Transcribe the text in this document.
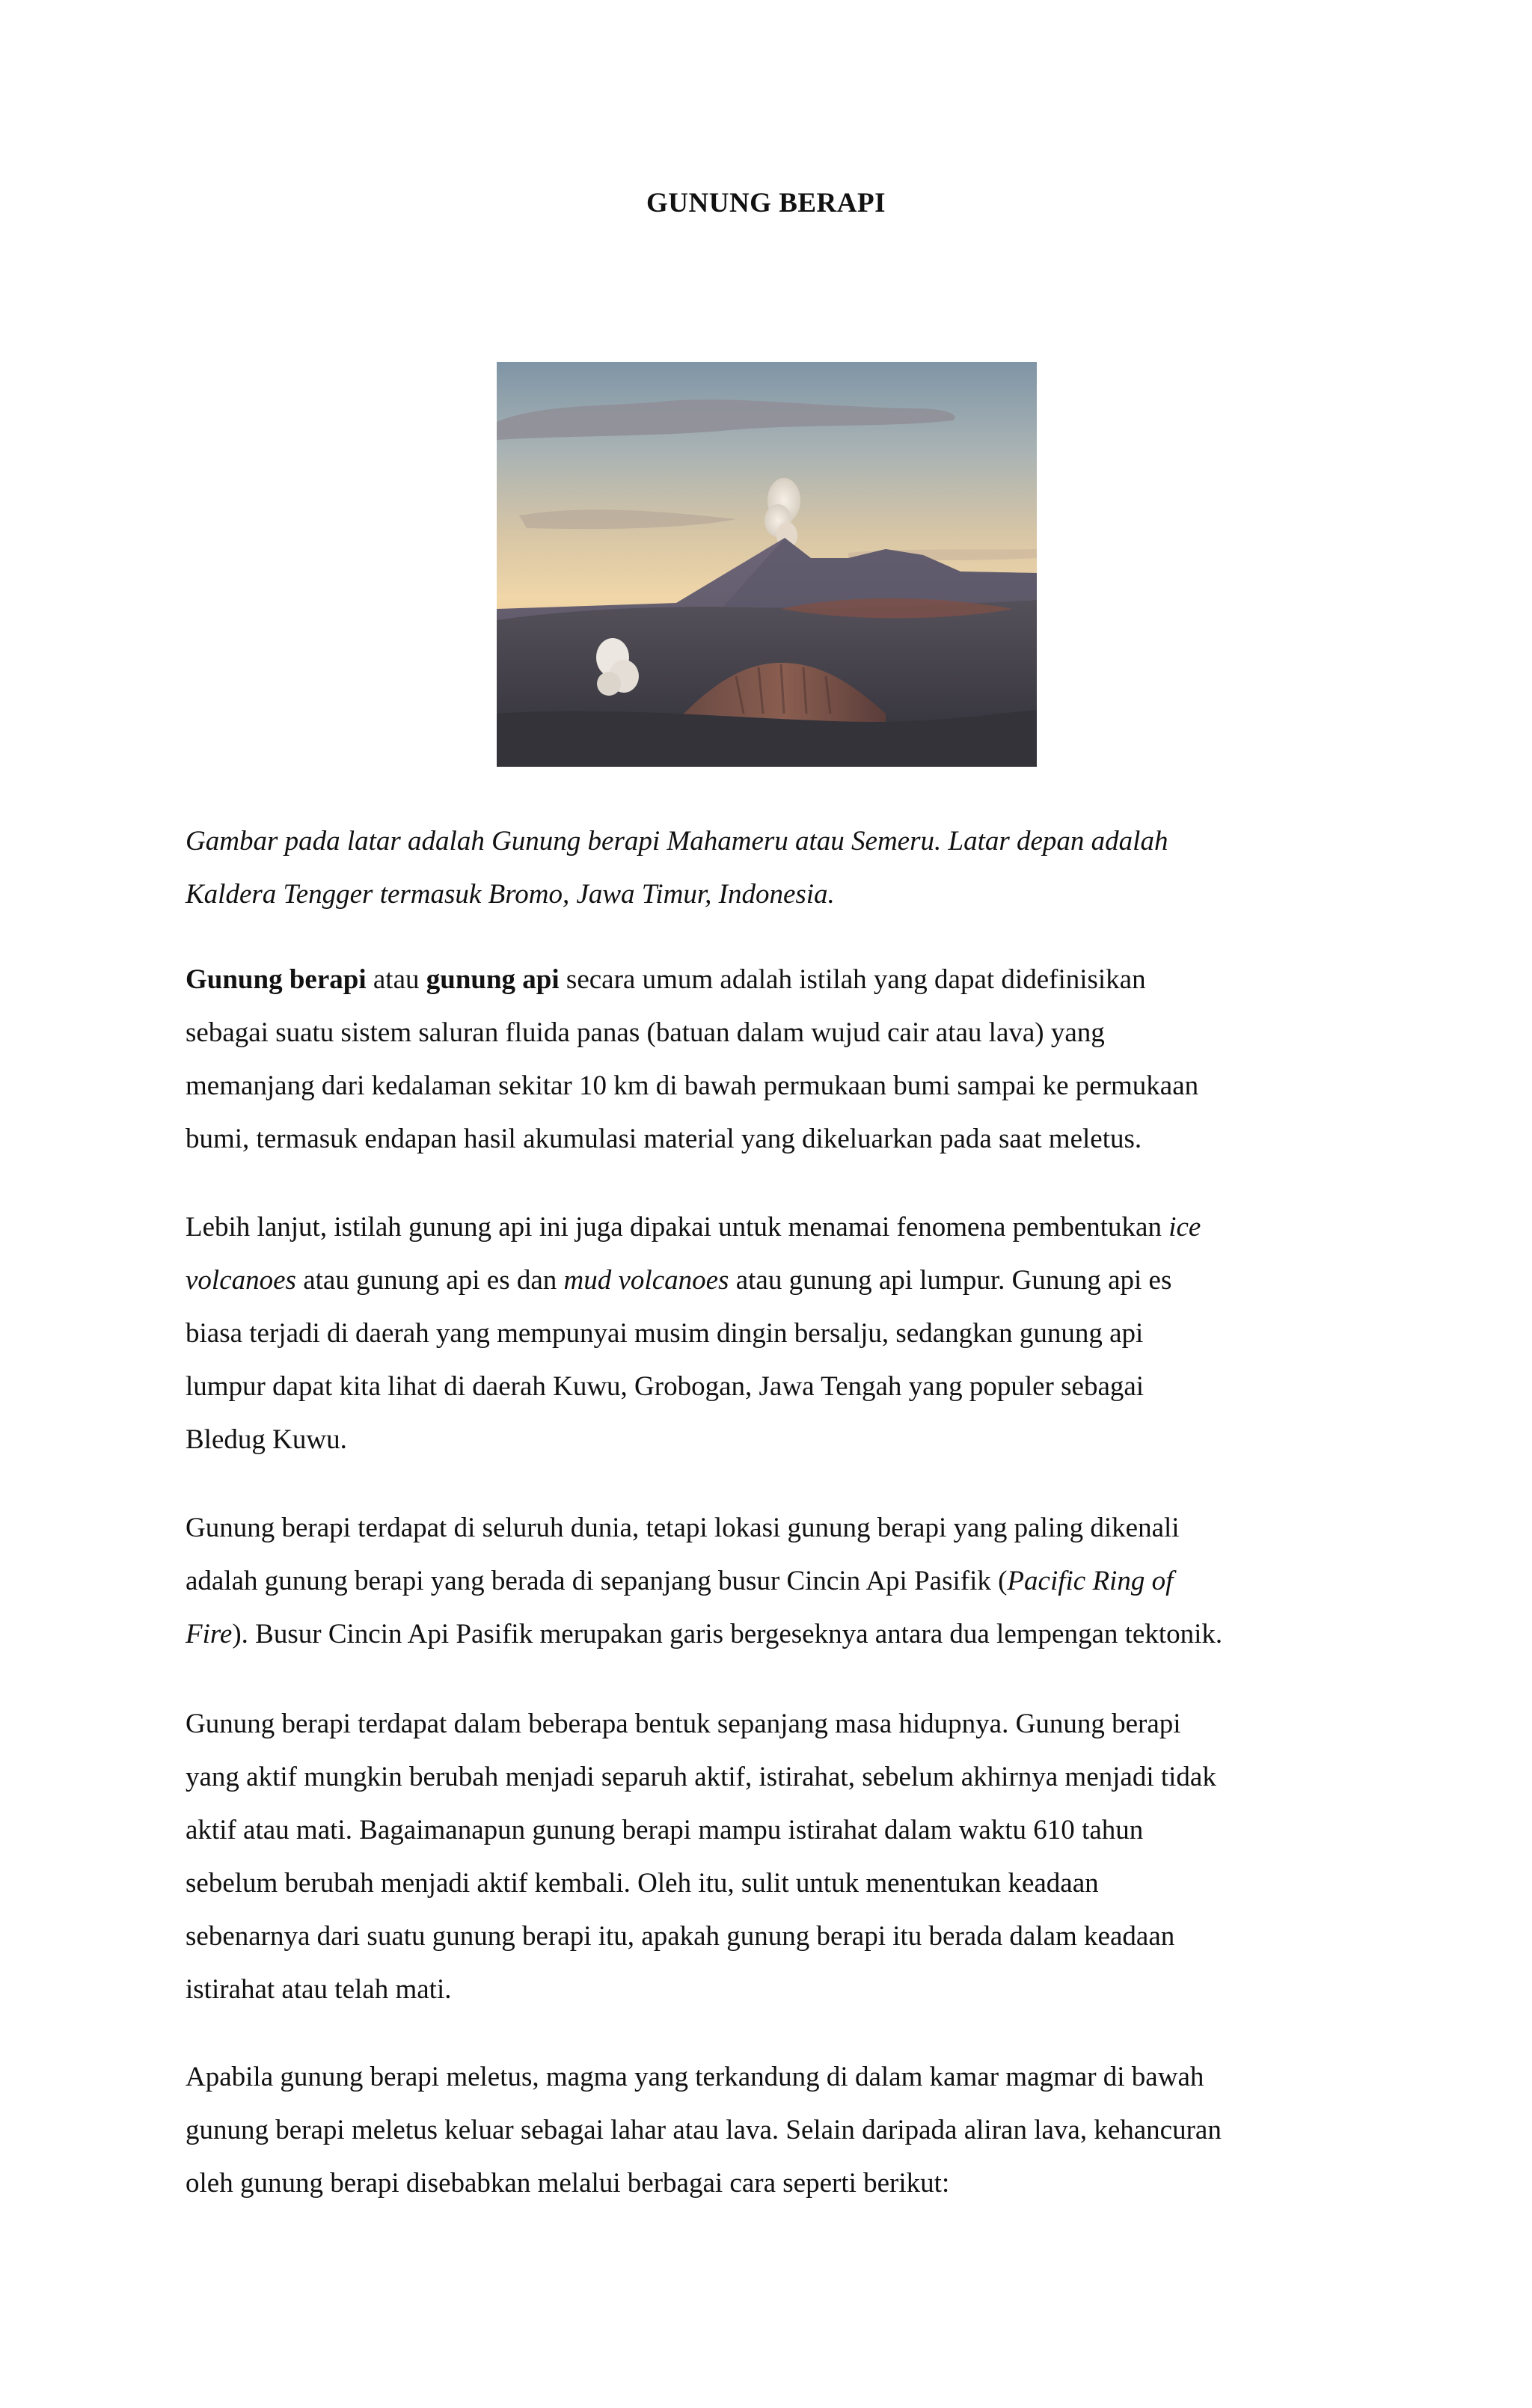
GUNUNG BERAPI

Gambar pada latar adalah Gunung berapi Mahameru atau Semeru. Latar depan adalah
Kaldera Tengger termasuk Bromo, Jawa Timur, Indonesia.

Gunung berapi atau gunung api secara umum adalah istilah yang dapat didefinisikan
sebagai suatu sistem saluran fluida panas (batuan dalam wujud cair atau lava) yang
memanjang dari kedalaman sekitar 10 km di bawah permukaan bumi sampai ke permukaan
bumi, termasuk endapan hasil akumulasi material yang dikeluarkan pada saat meletus.

Lebih lanjut, istilah gunung api ini juga dipakai untuk menamai fenomena pembentukan ice
volcanoes atau gunung api es dan mud volcanoes atau gunung api lumpur. Gunung api es
biasa terjadi di daerah yang mempunyai musim dingin bersalju, sedangkan gunung api
lumpur dapat kita lihat di daerah Kuwu, Grobogan, Jawa Tengah yang populer sebagai
Bledug Kuwu.

Gunung berapi terdapat di seluruh dunia, tetapi lokasi gunung berapi yang paling dikenali
adalah gunung berapi yang berada di sepanjang busur Cincin Api Pasifik (Pacific Ring of
Fire). Busur Cincin Api Pasifik merupakan garis bergeseknya antara dua lempengan tektonik.

Gunung berapi terdapat dalam beberapa bentuk sepanjang masa hidupnya. Gunung berapi
yang aktif mungkin berubah menjadi separuh aktif, istirahat, sebelum akhirnya menjadi tidak
aktif atau mati. Bagaimanapun gunung berapi mampu istirahat dalam waktu 610 tahun
sebelum berubah menjadi aktif kembali. Oleh itu, sulit untuk menentukan keadaan
sebenarnya dari suatu gunung berapi itu, apakah gunung berapi itu berada dalam keadaan
istirahat atau telah mati.

Apabila gunung berapi meletus, magma yang terkandung di dalam kamar magmar di bawah
gunung berapi meletus keluar sebagai lahar atau lava. Selain daripada aliran lava, kehancuran
oleh gunung berapi disebabkan melalui berbagai cara seperti berikut:
